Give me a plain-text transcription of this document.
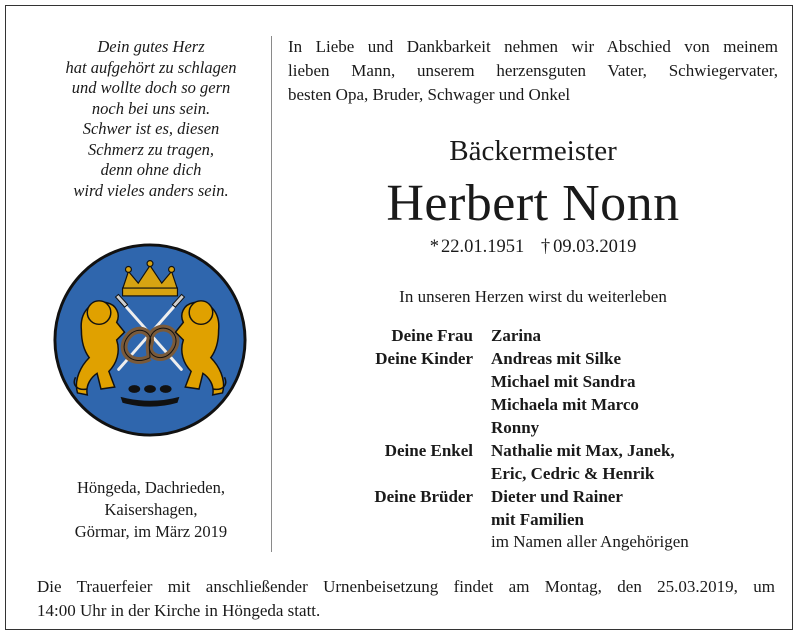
Dein gutes Herz
hat aufgehört zu schlagen
und wollte doch so gern
noch bei uns sein.
Schwer ist es, diesen
Schmerz zu tragen,
denn ohne dich
wird vieles anders sein.
Höngeda, Dachrieden,
Kaisershagen,
Görmar, im März 2019
In Liebe und Dankbarkeit nehmen wir Abschied von meinem
lieben Mann, unserem herzensguten Vater, Schwiegervater,
besten Opa, Bruder, Schwager und Onkel
Bäckermeister
Herbert Nonn
* 22.01.1951 † 09.03.2019
In unseren Herzen wirst du weiterleben
Deine Frau Zarina
Deine Kinder Andreas mit Silke
Michael mit Sandra
Michaela mit Marco
Ronny
Deine Enkel Nathalie mit Max, Janek,
Eric, Cedric & Henrik
Deine Brüder Dieter und Rainer
mit Familien
im Namen aller Angehörigen
Die Trauerfeier mit anschließender Urnenbeisetzung findet am Montag, den 25.03.2019, um
14:00 Uhr in der Kirche in Höngeda statt.
